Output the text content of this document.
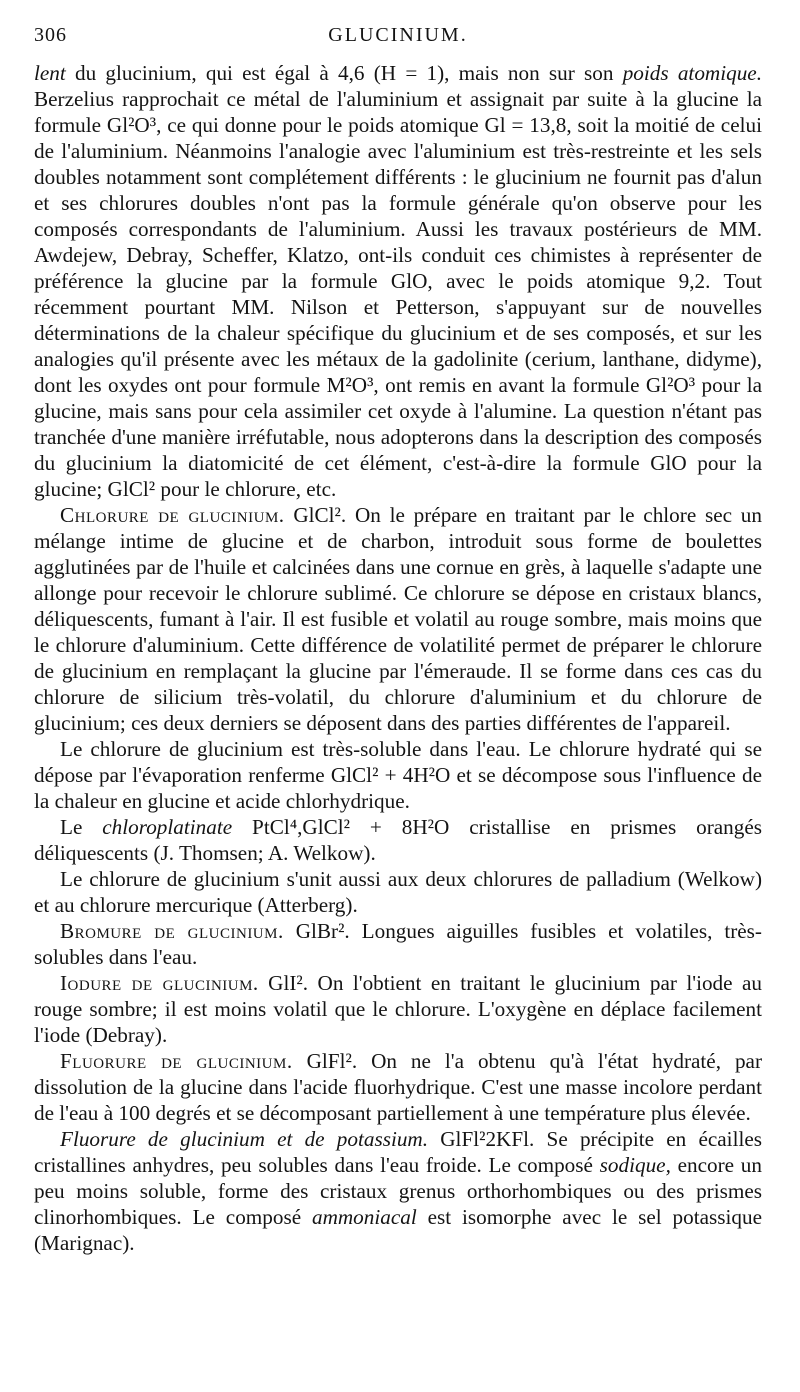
306	GLUCINIUM.

lent du glucinium, qui est égal à 4,6 (H = 1), mais non sur son poids atomique. Berzelius rapprochait ce métal de l'aluminium et assignait par suite à la glucine la formule Gl²O³, ce qui donne pour le poids atomique Gl = 13,8, soit la moitié de celui de l'aluminium. Néanmoins l'analogie avec l'aluminium est très-restreinte et les sels doubles notamment sont complétement différents : le glucinium ne fournit pas d'alun et ses chlorures doubles n'ont pas la formule générale qu'on observe pour les composés correspondants de l'aluminium. Aussi les travaux postérieurs de MM. Awdejew, Debray, Scheffer, Klatzo, ont-ils conduit ces chimistes à représenter de préférence la glucine par la formule GlO, avec le poids atomique 9,2. Tout récemment pourtant MM. Nilson et Petterson, s'appuyant sur de nouvelles déterminations de la chaleur spécifique du glucinium et de ses composés, et sur les analogies qu'il présente avec les métaux de la gadolinite (cerium, lanthane, didyme), dont les oxydes ont pour formule M²O³, ont remis en avant la formule Gl²O³ pour la glucine, mais sans pour cela assimiler cet oxyde à l'alumine. La question n'étant pas tranchée d'une manière irréfutable, nous adopterons dans la description des composés du glucinium la diatomicité de cet élément, c'est-à-dire la formule GlO pour la glucine; GlCl² pour le chlorure, etc.

Chlorure de glucinium. GlCl². On le prépare en traitant par le chlore sec un mélange intime de glucine et de charbon, introduit sous forme de boulettes agglutinées par de l'huile et calcinées dans une cornue en grès, à laquelle s'adapte une allonge pour recevoir le chlorure sublimé. Ce chlorure se dépose en cristaux blancs, déliquescents, fumant à l'air. Il est fusible et volatil au rouge sombre, mais moins que le chlorure d'aluminium. Cette différence de volatilité permet de préparer le chlorure de glucinium en remplaçant la glucine par l'émeraude. Il se forme dans ces cas du chlorure de silicium très-volatil, du chlorure d'aluminium et du chlorure de glucinium; ces deux derniers se déposent dans des parties différentes de l'appareil.

Le chlorure de glucinium est très-soluble dans l'eau. Le chlorure hydraté qui se dépose par l'évaporation renferme GlCl² + 4H²O et se décompose sous l'influence de la chaleur en glucine et acide chlorhydrique.

Le chloroplatinate PtCl⁴,GlCl² + 8H²O cristallise en prismes orangés déliquescents (J. Thomsen; A. Welkow).

Le chlorure de glucinium s'unit aussi aux deux chlorures de palladium (Welkow) et au chlorure mercurique (Atterberg).

Bromure de glucinium. GlBr². Longues aiguilles fusibles et volatiles, très-solubles dans l'eau.

Iodure de glucinium. GlI². On l'obtient en traitant le glucinium par l'iode au rouge sombre; il est moins volatil que le chlorure. L'oxygène en déplace facilement l'iode (Debray).

Fluorure de glucinium. GlFl². On ne l'a obtenu qu'à l'état hydraté, par dissolution de la glucine dans l'acide fluorhydrique. C'est une masse incolore perdant de l'eau à 100 degrés et se décomposant partiellement à une température plus élevée.

Fluorure de glucinium et de potassium. GlFl²2KFl. Se précipite en écailles cristallines anhydres, peu solubles dans l'eau froide. Le composé sodique, encore un peu moins soluble, forme des cristaux grenus orthorhombiques ou des prismes clinorhombiques. Le composé ammoniacal est isomorphe avec le sel potassique (Marignac).
